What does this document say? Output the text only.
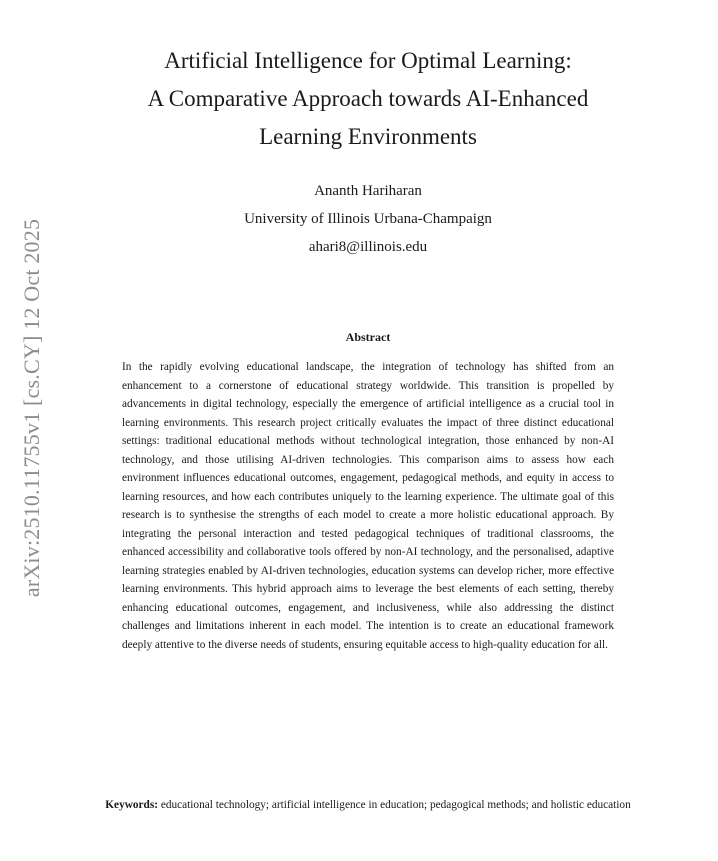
arXiv:2510.11755v1 [cs.CY] 12 Oct 2025
Artificial Intelligence for Optimal Learning:
A Comparative Approach towards AI-Enhanced
Learning Environments
Ananth Hariharan
University of Illinois Urbana-Champaign
ahari8@illinois.edu
Abstract

In the rapidly evolving educational landscape, the integration of technology has shifted from an enhancement to a cornerstone of educational strategy worldwide. This transition is propelled by advancements in digital technology, especially the emergence of artificial intelligence as a crucial tool in learning environments. This research project critically evaluates the impact of three distinct educational settings: traditional educational methods without technological integration, those enhanced by non-AI technology, and those utilising AI-driven technologies. This comparison aims to assess how each environment influences educational outcomes, engagement, pedagogical methods, and equity in access to learning resources, and how each contributes uniquely to the learning experience. The ultimate goal of this research is to synthesise the strengths of each model to create a more holistic educational approach. By integrating the personal interaction and tested pedagogical techniques of traditional classrooms, the enhanced accessibility and collaborative tools offered by non-AI technology, and the personalised, adaptive learning strategies enabled by AI-driven technologies, education systems can develop richer, more effective learning environments. This hybrid approach aims to leverage the best elements of each setting, thereby enhancing educational outcomes, engagement, and inclusiveness, while also addressing the distinct challenges and limitations inherent in each model. The intention is to create an educational framework deeply attentive to the diverse needs of students, ensuring equitable access to high-quality education for all.

Keywords: educational technology; artificial intelligence in education; pedagogical methods; and holistic education
